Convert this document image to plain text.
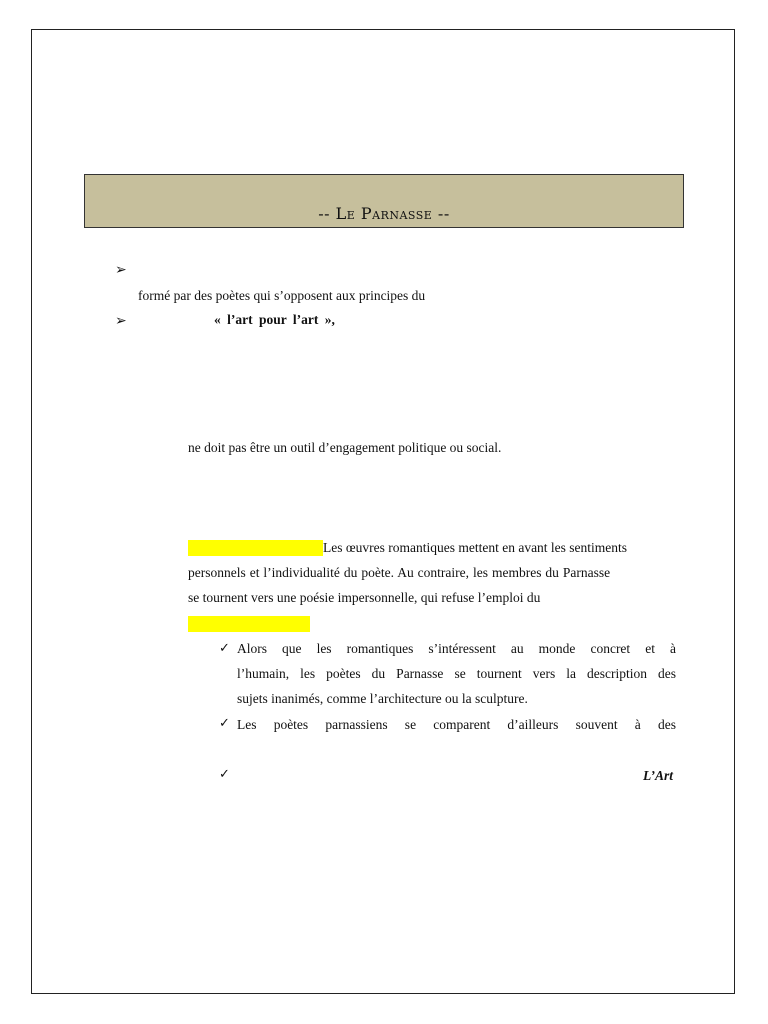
-- Le Parnasse --
➢
formé par des poètes qui s’opposent aux principes du
➢	« l’art pour l’art »,
ne doit pas être un outil d’engagement politique ou social.
Les œuvres romantiques mettent en avant les sentiments
personnels et l’individualité du poète. Au contraire, les membres du Parnasse
se tournent vers une poésie impersonnelle, qui refuse l’emploi du
✓ Alors que les romantiques s’intéressent au monde concret et à
l’humain, les poètes du Parnasse se tournent vers la description des
sujets inanimés, comme l’architecture ou la sculpture.
✓ Les poètes parnassiens se comparent d’ailleurs souvent à des
✓	L’Art
